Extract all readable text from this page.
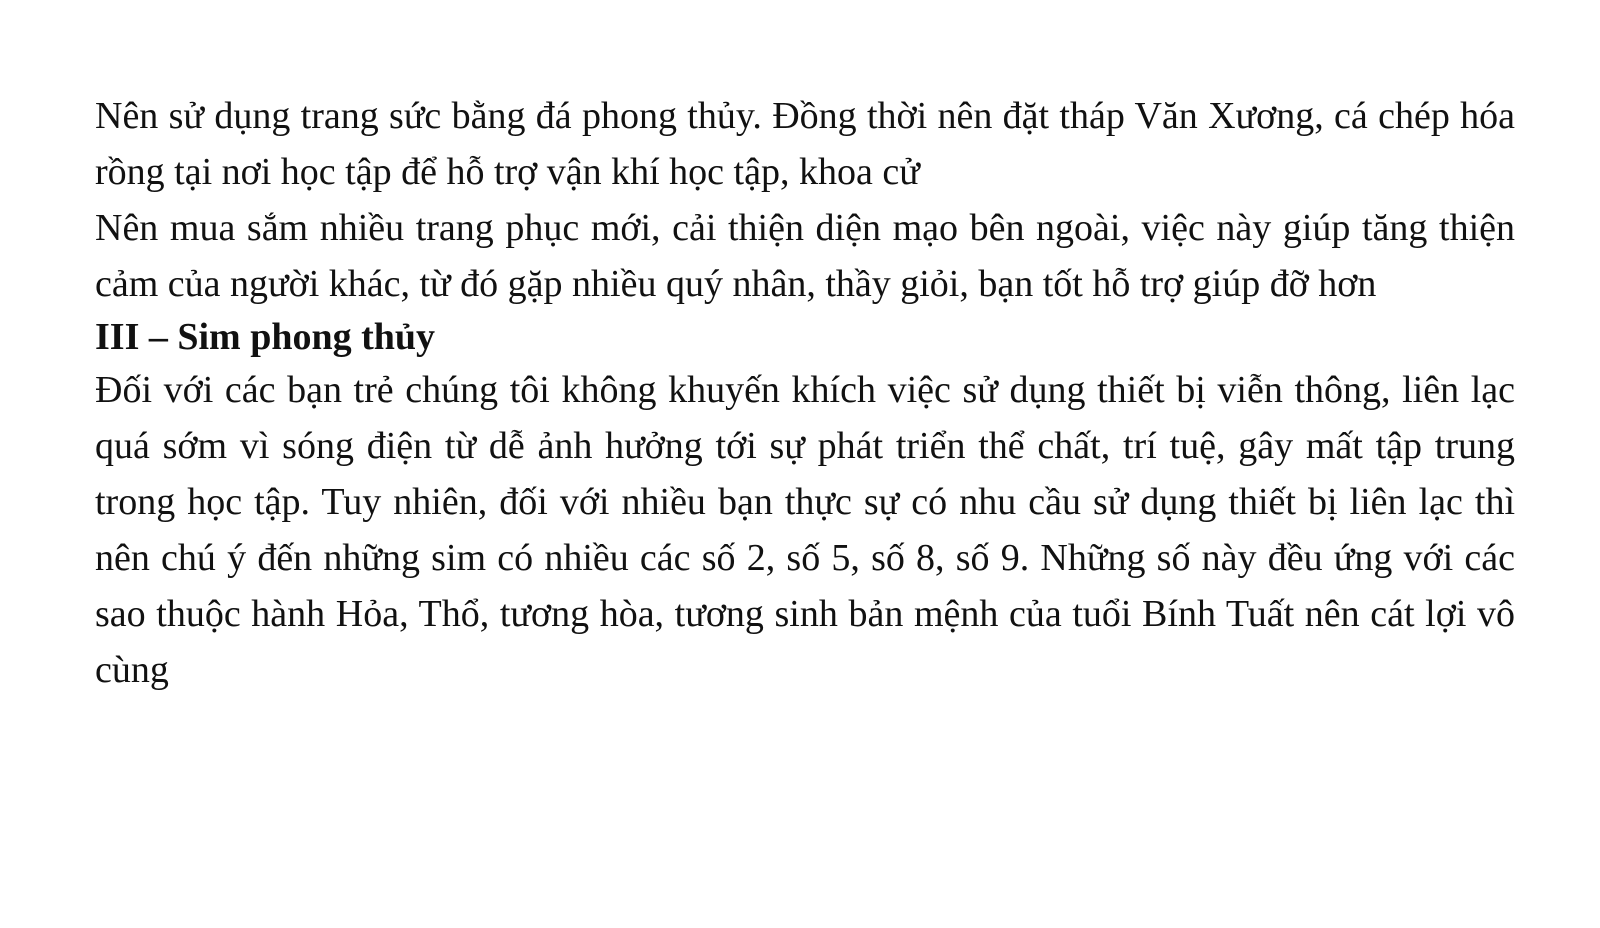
Nên sử dụng trang sức bằng đá phong thủy. Đồng thời nên đặt tháp Văn Xương, cá chép hóa rồng tại nơi học tập để hỗ trợ vận khí học tập, khoa cử

Nên mua sắm nhiều trang phục mới, cải thiện diện mạo bên ngoài, việc này giúp tăng thiện cảm của người khác, từ đó gặp nhiều quý nhân, thầy giỏi, bạn tốt hỗ trợ giúp đỡ hơn

III – Sim phong thủy

Đối với các bạn trẻ chúng tôi không khuyến khích việc sử dụng thiết bị viễn thông, liên lạc quá sớm vì sóng điện từ dễ ảnh hưởng tới sự phát triển thể chất, trí tuệ, gây mất tập trung trong học tập. Tuy nhiên, đối với nhiều bạn thực sự có nhu cầu sử dụng thiết bị liên lạc thì nên chú ý đến những sim có nhiều các số 2, số 5, số 8, số 9. Những số này đều ứng với các sao thuộc hành Hỏa, Thổ, tương hòa, tương sinh bản mệnh của tuổi Bính Tuất nên cát lợi vô cùng
